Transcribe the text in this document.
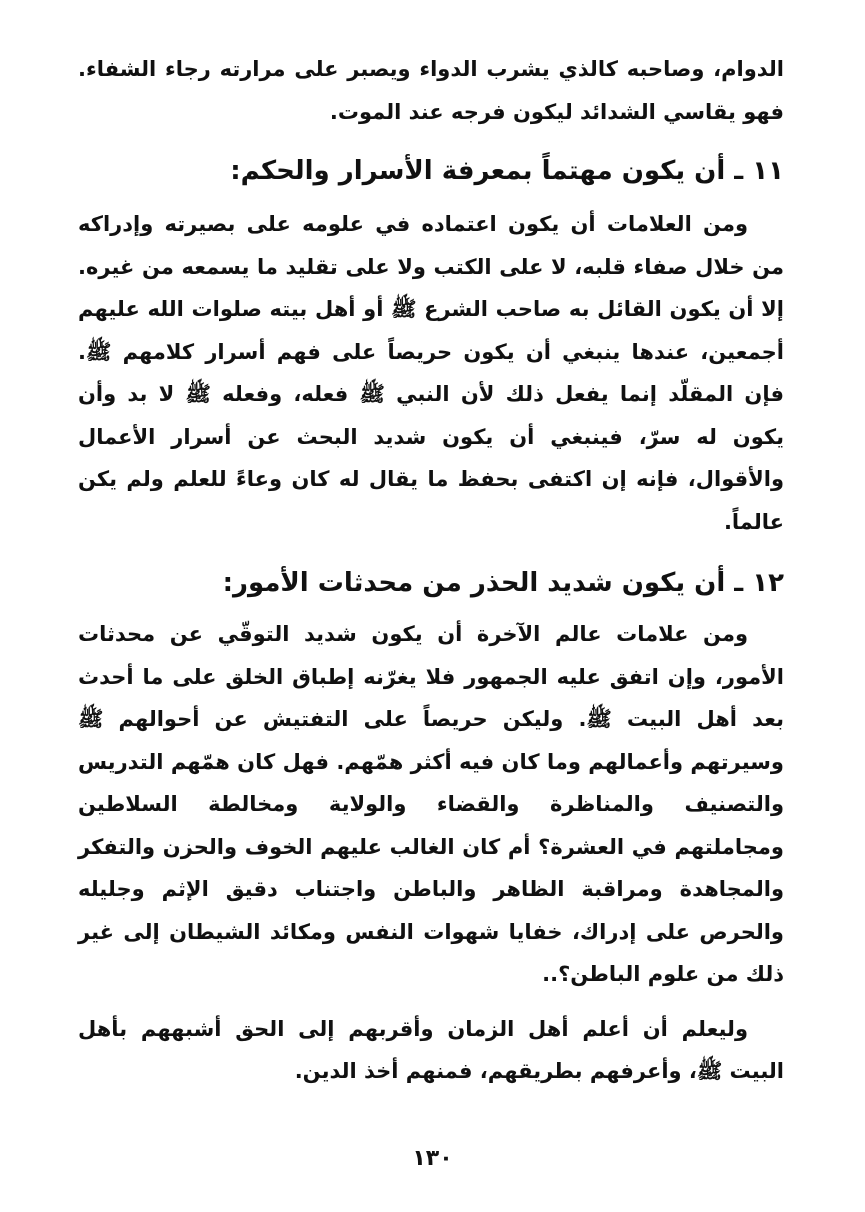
الدوام، وصاحبه كالذي يشرب الدواء ويصبر على مرارته رجاء الشفاء. فهو يقاسي الشدائد ليكون فرجه عند الموت.

١١ ـ أن يكون مهتماً بمعرفة الأسرار والحكم:

ومن العلامات أن يكون اعتماده في علومه على بصيرته وإدراكه من خلال صفاء قلبه، لا على الكتب ولا على تقليد ما يسمعه من غيره. إلا أن يكون القائل به صاحب الشرع ﷺ أو أهل بيته صلوات الله عليهم أجمعين، عندها ينبغي أن يكون حريصاً على فهم أسرار كلامهم ﷺ. فإن المقلّد إنما يفعل ذلك لأن النبي ﷺ فعله، وفعله ﷺ لا بد وأن يكون له سرّ، فينبغي أن يكون شديد البحث عن أسرار الأعمال والأقوال، فإنه إن اكتفى بحفظ ما يقال له كان وعاءً للعلم ولم يكن عالماً.

١٢ ـ أن يكون شديد الحذر من محدثات الأمور:

ومن علامات عالم الآخرة أن يكون شديد التوقّي عن محدثات الأمور، وإن اتفق عليه الجمهور فلا يغرّنه إطباق الخلق على ما أحدث بعد أهل البيت ﷺ. وليكن حريصاً على التفتيش عن أحوالهم ﷺ وسيرتهم وأعمالهم وما كان فيه أكثر همّهم. فهل كان همّهم التدريس والتصنيف والمناظرة والقضاء والولاية ومخالطة السلاطين ومجاملتهم في العشرة؟ أم كان الغالب عليهم الخوف والحزن والتفكر والمجاهدة ومراقبة الظاهر والباطن واجتناب دقيق الإثم وجليله والحرص على إدراك، خفايا شهوات النفس ومكائد الشيطان إلى غير ذلك من علوم الباطن؟..

وليعلم أن أعلم أهل الزمان وأقربهم إلى الحق أشبههم بأهل البيت ﷺ، وأعرفهم بطريقهم، فمنهم أخذ الدين.

١٣٠
